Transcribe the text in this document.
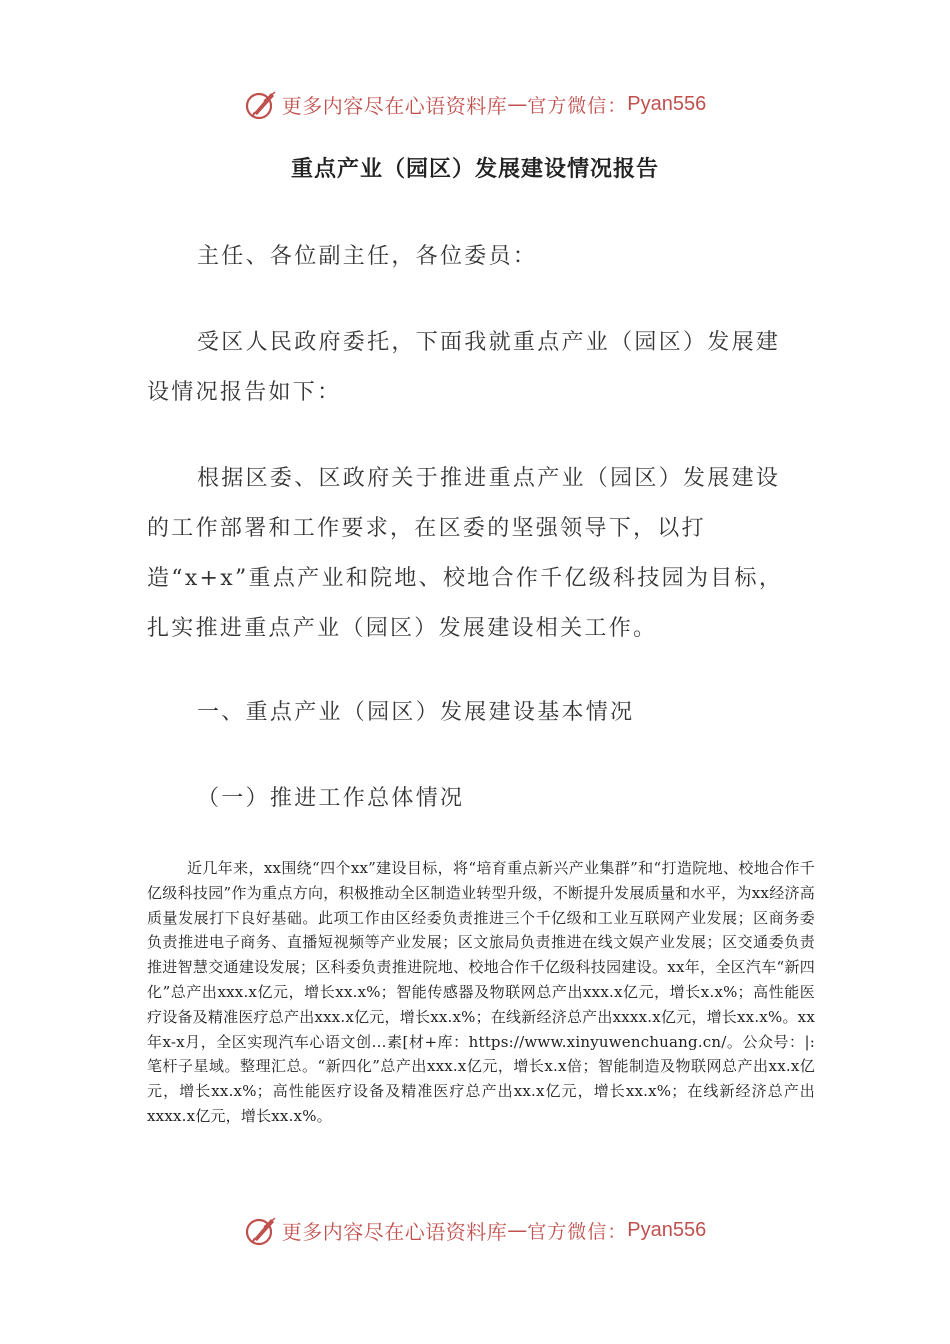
更多内容尽在心语资料库 — 官方微信： Pyan556
重点产业（园区）发展建设情况报告

主任、各位副主任，各位委员：

受区人民政府委托，下面我就重点产业（园区）发展建设情况报告如下：

根据区委、区政府关于推进重点产业（园区）发展建设的工作部署和工作要求，在区委的坚强领导下，以打造“x+x”重点产业和院地、校地合作千亿级科技园为目标，扎实推进重点产业（园区）发展建设相关工作。

一、重点产业（园区）发展建设基本情况

（一）推进工作总体情况

近几年来，xx围绕“四个xx”建设目标，将“培育重点新兴产业集群”和“打造院地、校地合作千亿级科技园”作为重点方向，积极推动全区制造业转型升级，不断提升发展质量和水平，为xx经济高质量发展打下良好基础。此项工作由区经委负责推进三个千亿级和工业互联网产业发展；区商务委负责推进电子商务、直播短视频等产业发展；区文旅局负责推进在线文娱产业发展；区交通委负责推进智慧交通建设发展；区科委负责推进院地、校地合作千亿级科技园建设。xx年，全区汽车“新四化”总产出xxx.x亿元，增长xx.x%；智能传感器及物联网总产出xxx.x亿元，增长x.x%；高性能医疗设备及精准医疗总产出xxx.x亿元，增长xx.x%；在线新经济总产出xxxx.x亿元，增长xx.x%。xx年x-x月，全区实现汽车心语文创…素[材+库：https://www.xinyuwenchuang.cn/。公众号：|:笔杆子星域。整理汇总。“新四化”总产出xxx.x亿元，增长x.x倍；智能制造及物联网总产出xx.x亿元，增长xx.x%；高性能医疗设备及精准医疗总产出xx.x亿元，增长xx.x%；在线新经济总产出xxxx.x亿元，增长xx.x%。

更多内容尽在心语资料库 — 官方微信： Pyan556
